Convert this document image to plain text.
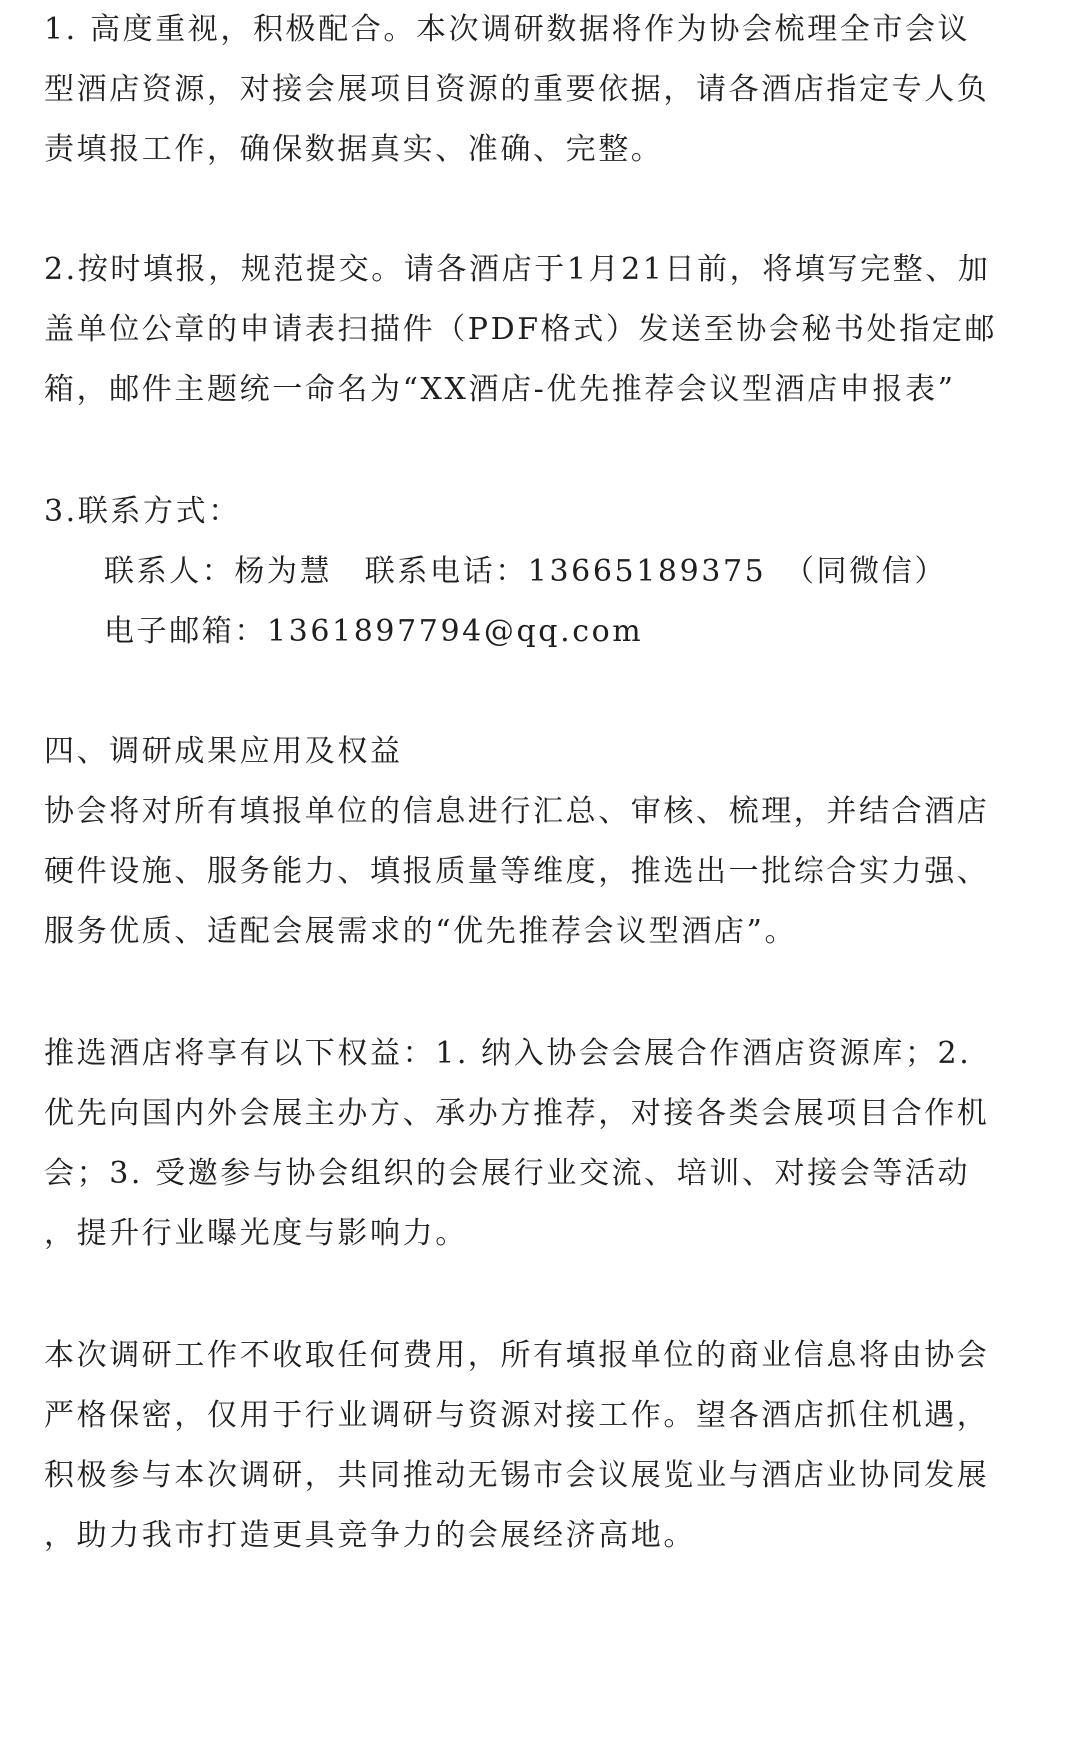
1. 高度重视，积极配合。本次调研数据将作为协会梳理全市会议
型酒店资源，对接会展项目资源的重要依据，请各酒店指定专人负
责填报工作，确保数据真实、准确、完整。
2.按时填报，规范提交。请各酒店于1月21日前，将填写完整、加
盖单位公章的申请表扫描件（PDF格式）发送至协会秘书处指定邮
箱，邮件主题统一命名为“XX酒店-优先推荐会议型酒店申报表”
3.联系方式：
联系人：杨为慧　联系电话：13665189375　（同微信）
电子邮箱：1361897794@qq.com
四、调研成果应用及权益
协会将对所有填报单位的信息进行汇总、审核、梳理，并结合酒店
硬件设施、服务能力、填报质量等维度，推选出一批综合实力强、
服务优质、适配会展需求的“优先推荐会议型酒店”。
推选酒店将享有以下权益：1. 纳入协会会展合作酒店资源库；2.
优先向国内外会展主办方、承办方推荐，对接各类会展项目合作机
会；3. 受邀参与协会组织的会展行业交流、培训、对接会等活动
，提升行业曝光度与影响力。
本次调研工作不收取任何费用，所有填报单位的商业信息将由协会
严格保密，仅用于行业调研与资源对接工作。望各酒店抓住机遇，
积极参与本次调研，共同推动无锡市会议展览业与酒店业协同发展
，助力我市打造更具竞争力的会展经济高地。
